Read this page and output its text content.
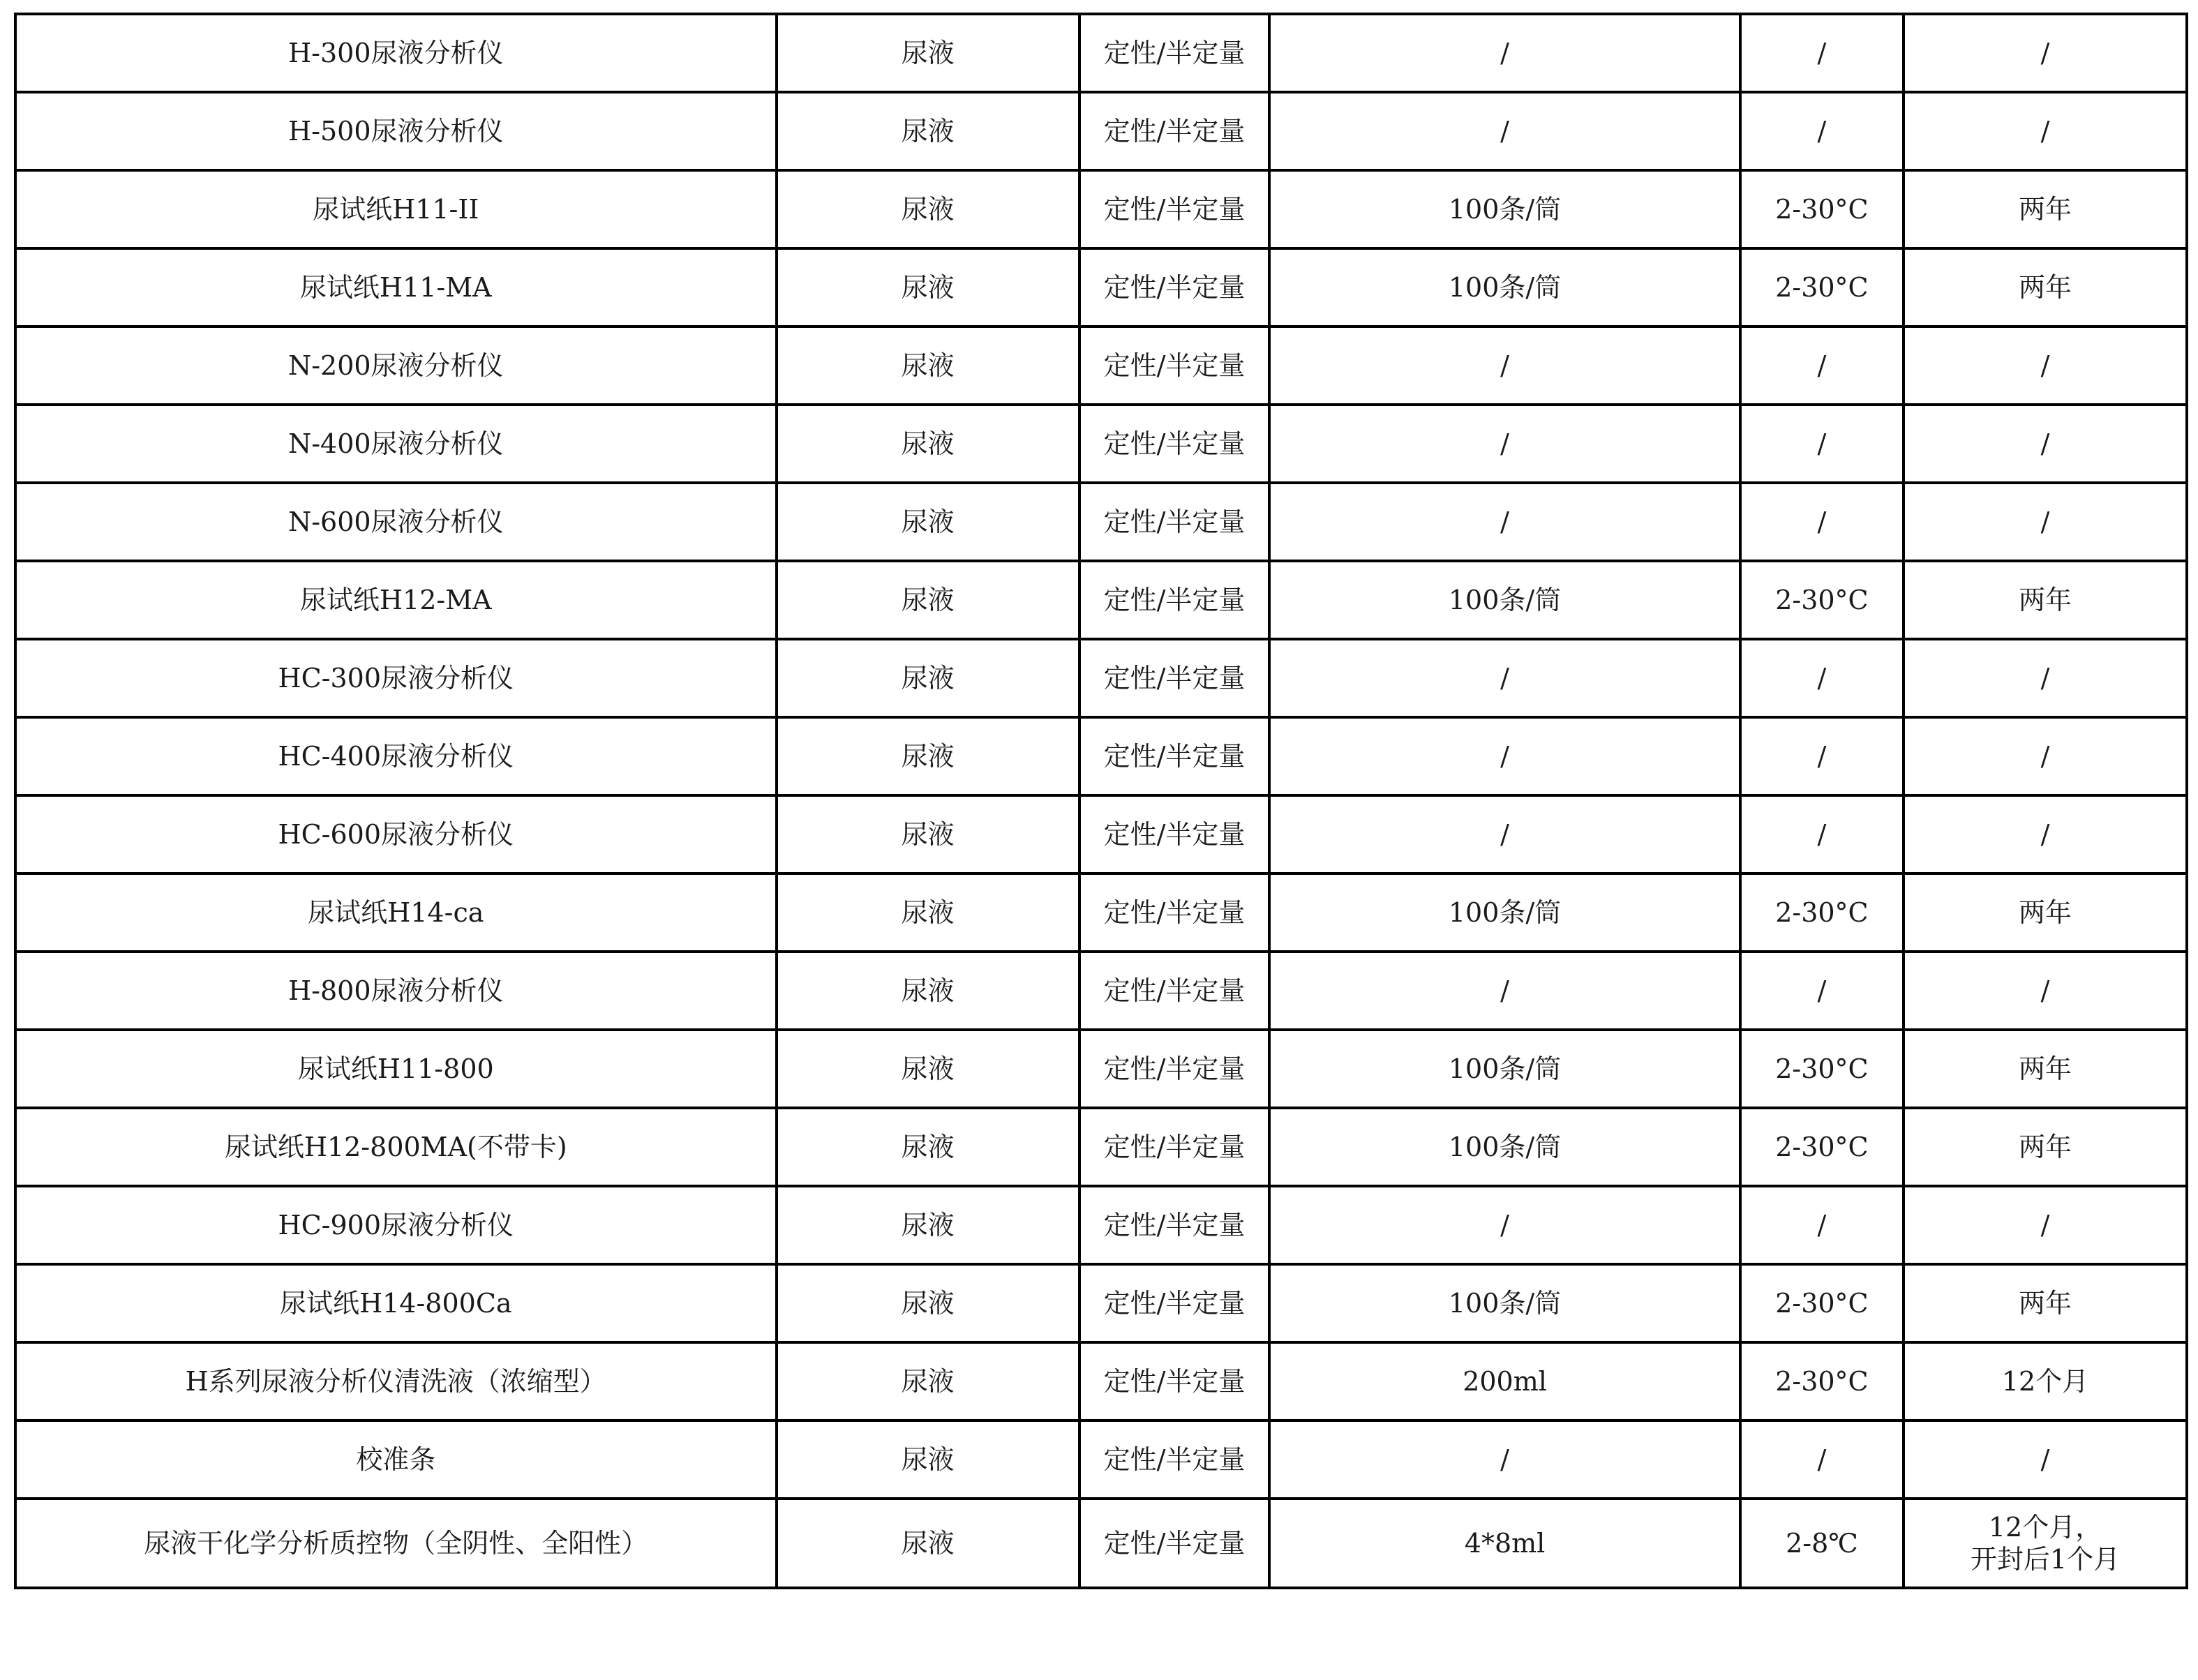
H-300尿液分析仪	尿液	定性/半定量	/	/	/

H-500尿液分析仪	尿液	定性/半定量	/	/	/

尿试纸H11-II	尿液	定性/半定量	100条/筒	2-30°C	两年

尿试纸H11-MA	尿液	定性/半定量	100条/筒	2-30°C	两年

N-200尿液分析仪	尿液	定性/半定量	/	/	/

N-400尿液分析仪	尿液	定性/半定量	/	/	/

N-600尿液分析仪	尿液	定性/半定量	/	/	/

尿试纸H12-MA	尿液	定性/半定量	100条/筒	2-30°C	两年

HC-300尿液分析仪	尿液	定性/半定量	/	/	/

HC-400尿液分析仪	尿液	定性/半定量	/	/	/

HC-600尿液分析仪	尿液	定性/半定量	/	/	/

尿试纸H14-ca	尿液	定性/半定量	100条/筒	2-30°C	两年

H-800尿液分析仪	尿液	定性/半定量	/	/	/

尿试纸H11-800	尿液	定性/半定量	100条/筒	2-30°C	两年

尿试纸H12-800MA(不带卡)	尿液	定性/半定量	100条/筒	2-30°C	两年

HC-900尿液分析仪	尿液	定性/半定量	/	/	/

尿试纸H14-800Ca	尿液	定性/半定量	100条/筒	2-30°C	两年

H系列尿液分析仪清洗液（浓缩型）	尿液	定性/半定量	200ml	2-30°C	12个月

校准条	尿液	定性/半定量	/	/	/

尿液干化学分析质控物（全阴性、全阳性）	尿液	定性/半定量	4*8ml	2-8℃	12个月，
开封后1个月
